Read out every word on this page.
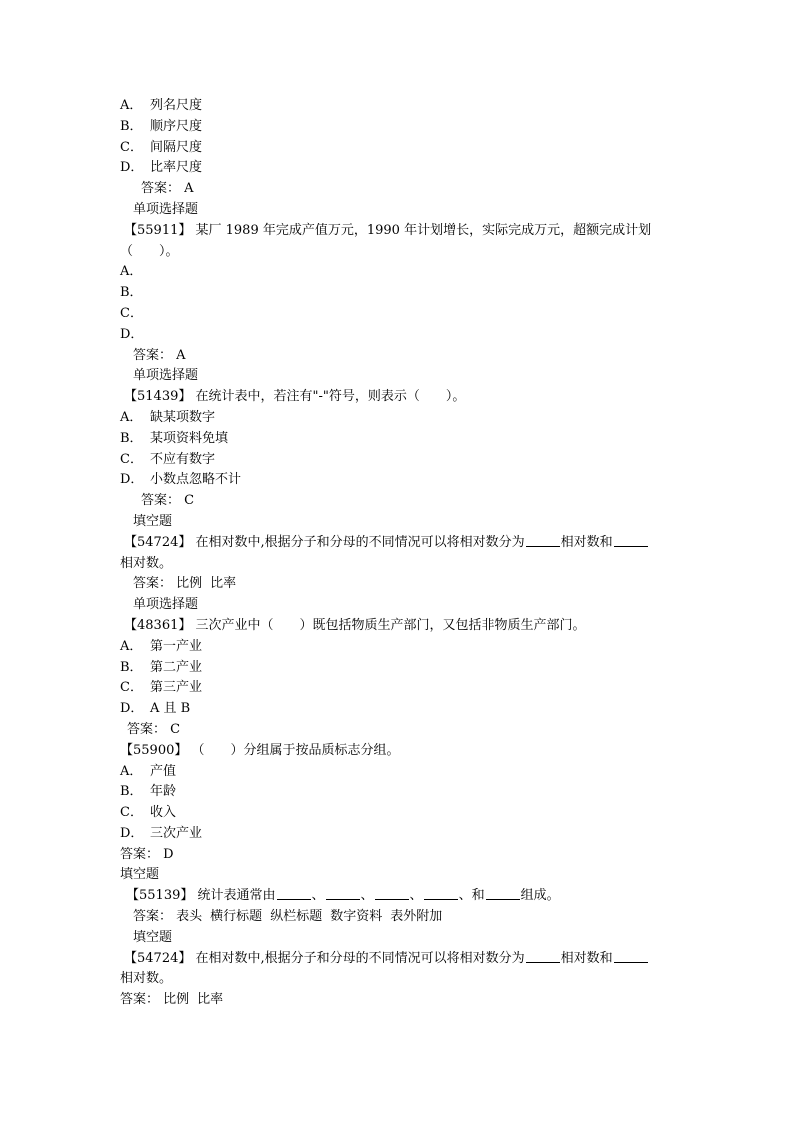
A． 列名尺度
B． 顺序尺度
C． 间隔尺度
D． 比率尺度
答案： A
单项选择题
【55911】 某厂 1989 年完成产值万元，1990 年计划增长，实际完成万元，超额完成计划
（　　）。
A．
B．
C．
D．
答案： A
单项选择题
【51439】 在统计表中，若注有"-"符号，则表示（　　）。
A． 缺某项数字
B． 某项资料免填
C． 不应有数字
D． 小数点忽略不计
答案： C
填空题
【54724】 在相对数中,根据分子和分母的不同情况可以将相对数分为	相对数和
相对数。
答案： 比例 比率
单项选择题
【48361】 三次产业中（　　）既包括物质生产部门，又包括非物质生产部门。
A． 第一产业
B． 第二产业
C． 第三产业
D． A 且 B
答案： C
【55900】 （　　）分组属于按品质标志分组。
A． 产值
B． 年龄
C． 收入
D． 三次产业
答案： D
填空题
【55139】 统计表通常由	、	、	、	、和	组成。
答案： 表头 横行标题 纵栏标题 数字资料 表外附加
填空题
【54724】 在相对数中,根据分子和分母的不同情况可以将相对数分为	相对数和
相对数。
答案： 比例 比率
